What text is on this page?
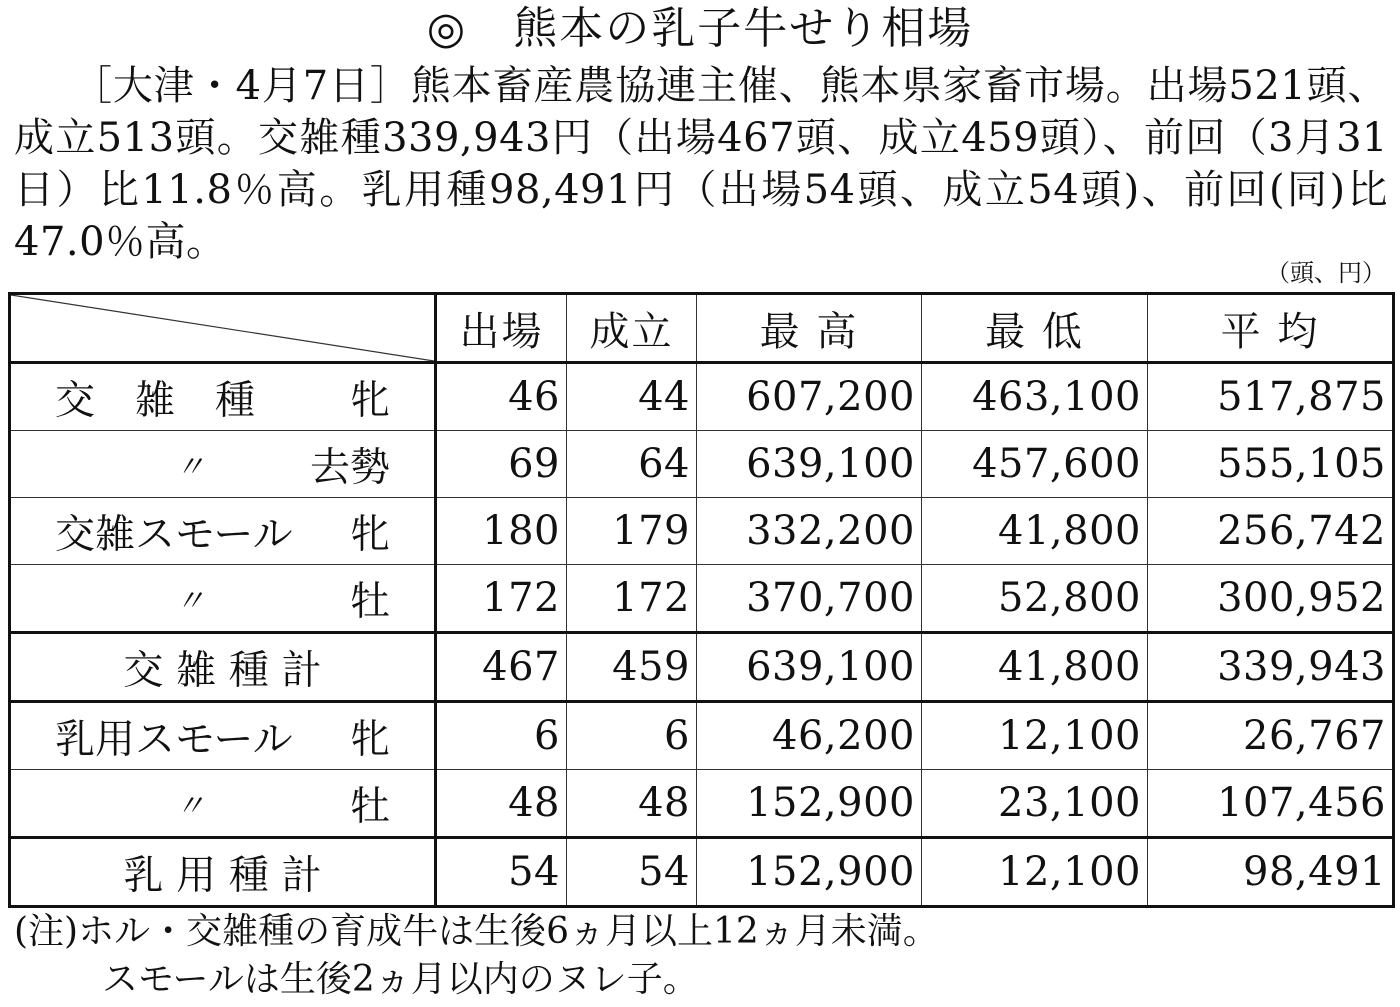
◎ 熊本の乳子牛せり相場

［大津・4月7日］熊本畜産農協連主催、熊本県家畜市場。出場521頭、成立513頭。交雑種339,943円（出場467頭、成立459頭）、前回（3月31日）比11.8％高。乳用種98,491円（出場54頭、成立54頭)、前回(同)比47.0％高。

（頭、円）
	出場	成立	最 高	最 低	平 均

交　雑　種 牝	46	44	607,200	463,100	517,875

〃 去勢	69	64	639,100	457,600	555,105

交雑スモール 牝	180	179	332,200	41,800	256,742

〃 牡	172	172	370,700	52,800	300,952

交 雑 種 計	467	459	639,100	41,800	339,943

乳用スモール 牝	6	6	46,200	12,100	26,767

〃 牡	48	48	152,900	23,100	107,456

乳 用 種 計	54	54	152,900	12,100	98,491
(注)ホル・交雑種の育成牛は生後6ヵ月以上12ヵ月未満。
スモールは生後2ヵ月以内のヌレ子。
